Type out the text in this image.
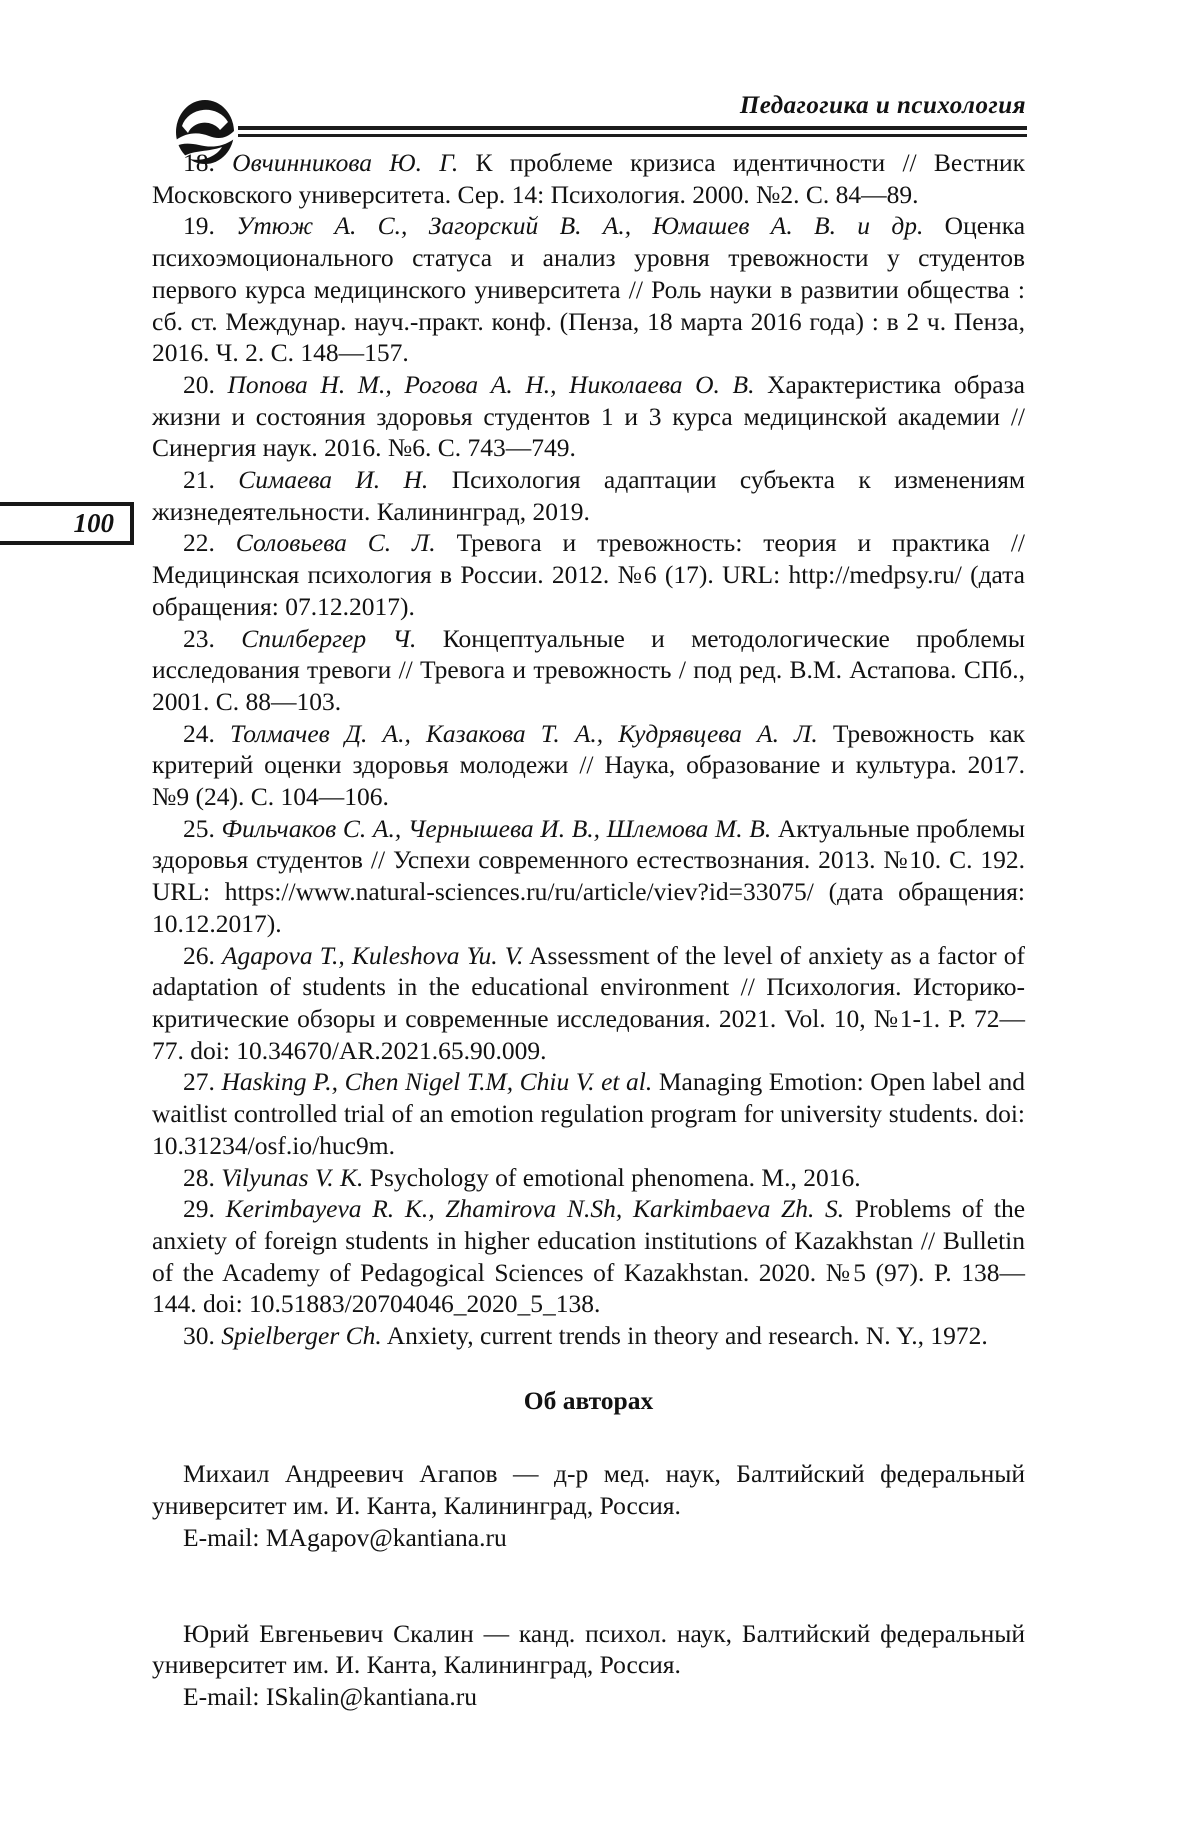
Педагогика и психология
100

18. Овчинникова Ю. Г. К проблеме кризиса идентичности // Вестник Московского университета. Сер. 14: Психология. 2000. №2. С. 84—89.

19. Утюж А. С., Загорский В. А., Юмашев А. В. и др. Оценка психоэмоционального статуса и анализ уровня тревожности у студентов первого курса медицинского университета // Роль науки в развитии общества : сб. ст. Междунар. науч.-практ. конф. (Пенза, 18 марта 2016 года) : в 2 ч. Пенза, 2016. Ч. 2. С. 148—157.

20. Попова Н. М., Рогова А. Н., Николаева О. В. Характеристика образа жизни и состояния здоровья студентов 1 и 3 курса медицинской академии // Синергия наук. 2016. №6. С. 743—749.

21. Симаева И. Н. Психология адаптации субъекта к изменениям жизнедеятельности. Калининград, 2019.

22. Соловьева С. Л. Тревога и тревожность: теория и практика // Медицинская психология в России. 2012. №6 (17). URL: http://medpsy.ru/ (дата обращения: 07.12.2017).

23. Спилбергер Ч. Концептуальные и методологические проблемы исследования тревоги // Тревога и тревожность / под ред. В.М. Астапова. СПб., 2001. С. 88—103.

24. Толмачев Д. А., Казакова Т. А., Кудрявцева А. Л. Тревожность как критерий оценки здоровья молодежи // Наука, образование и культура. 2017. №9 (24). С. 104—106.

25. Фильчаков С. А., Чернышева И. В., Шлемова М. В. Актуальные проблемы здоровья студентов // Успехи современного естествознания. 2013. №10. С. 192. URL: https://www.natural-sciences.ru/ru/article/viev?id=33075/ (дата обращения: 10.12.2017).

26. Agapova T., Kuleshova Yu. V. Assessment of the level of anxiety as a factor of adaptation of students in the educational environment // Психология. Историко-критические обзоры и современные исследования. 2021. Vol. 10, №1-1. P. 72—77. doi: 10.34670/AR.2021.65.90.009.

27. Hasking P., Chen Nigel T.M, Chiu V. et al. Managing Emotion: Open label and waitlist controlled trial of an emotion regulation program for university students. doi: 10.31234/osf.io/huc9m.

28. Vilyunas V. K. Psychology of emotional phenomena. М., 2016.

29. Kerimbayeva R. K., Zhamirova N.Sh, Karkimbaeva Zh. S. Problems of the anxiety of foreign students in higher education institutions of Kazakhstan // Bulletin of the Academy of Pedagogical Sciences of Kazakhstan. 2020. №5 (97). P. 138—144. doi: 10.51883/20704046_2020_5_138.

30. Spielberger Ch. Anxiety, current trends in theory and research. N. Y., 1972.

Об авторах

Михаил Андреевич Агапов — д-р мед. наук, Балтийский федеральный университет им. И. Канта, Калининград, Россия.

E-mail: MAgapov@kantiana.ru

Юрий Евгеньевич Скалин — канд. психол. наук, Балтийский федеральный университет им. И. Канта, Калининград, Россия.

E-mail: ISkalin@kantiana.ru
